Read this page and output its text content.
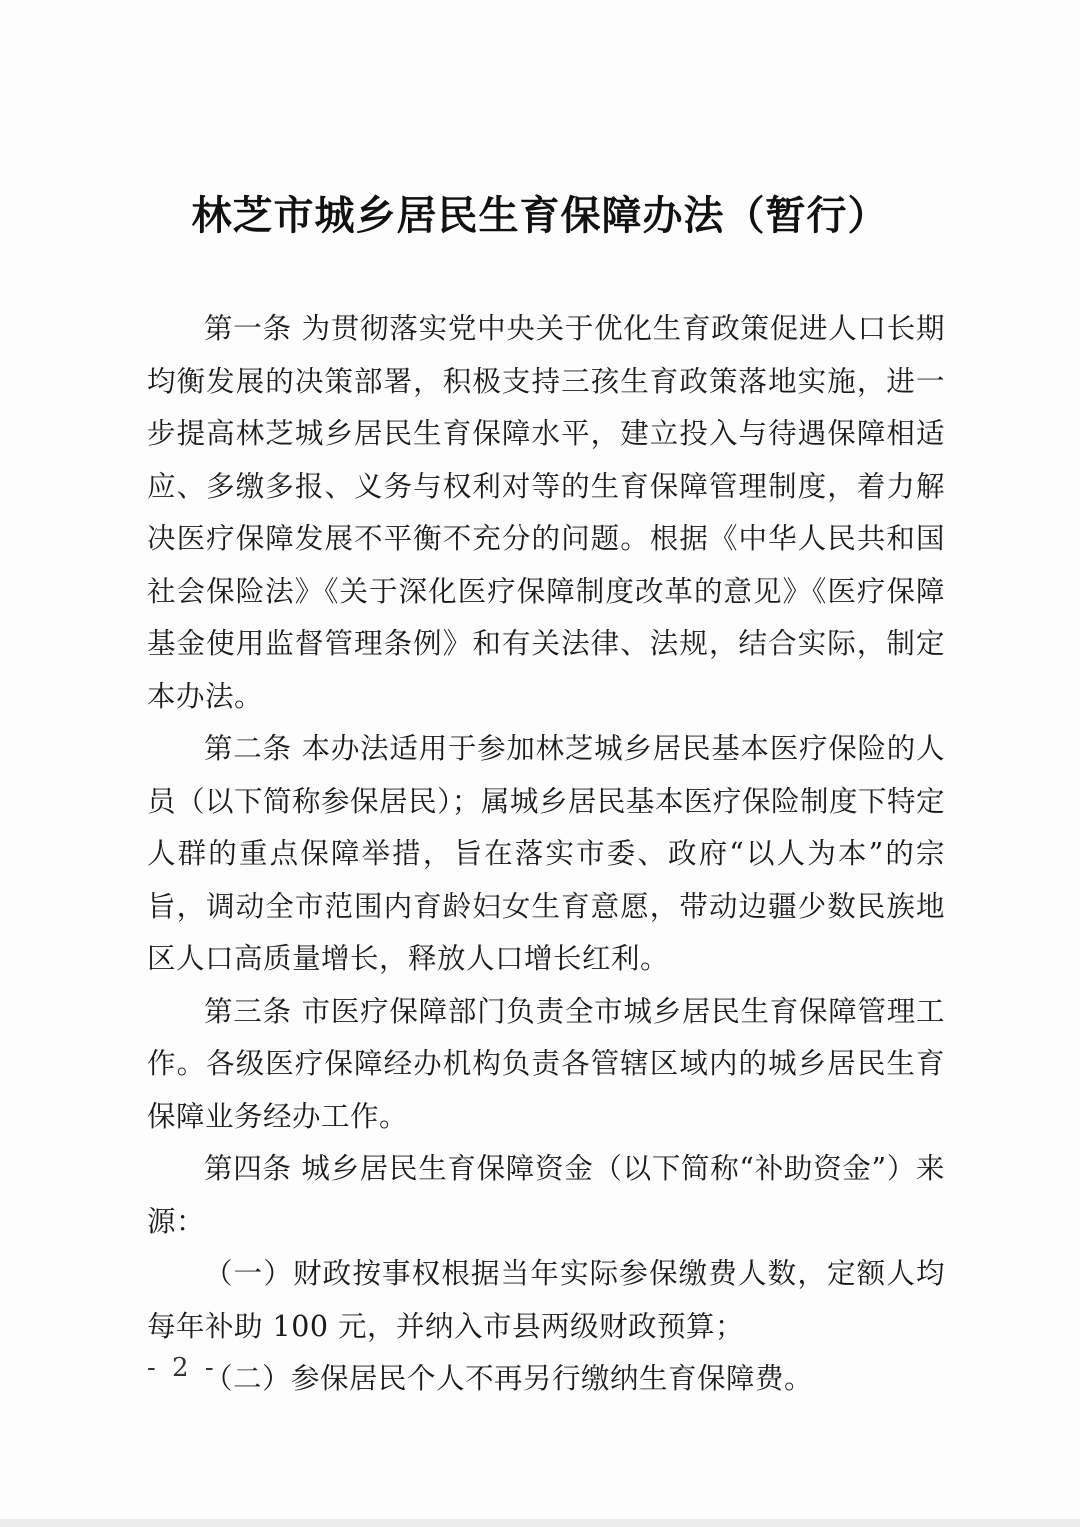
林芝市城乡居民生育保障办法（暂行）

第一条 为贯彻落实党中央关于优化生育政策促进人口长期均衡发展的决策部署，积极支持三孩生育政策落地实施，进一步提高林芝城乡居民生育保障水平，建立投入与待遇保障相适应、多缴多报、义务与权利对等的生育保障管理制度，着力解决医疗保障发展不平衡不充分的问题。根据《中华人民共和国社会保险法》《关于深化医疗保障制度改革的意见》《医疗保障基金使用监督管理条例》和有关法律、法规，结合实际，制定本办法。

第二条 本办法适用于参加林芝城乡居民基本医疗保险的人员（以下简称参保居民）；属城乡居民基本医疗保险制度下特定人群的重点保障举措，旨在落实市委、政府“以人为本”的宗旨，调动全市范围内育龄妇女生育意愿，带动边疆少数民族地区人口高质量增长，释放人口增长红利。

第三条 市医疗保障部门负责全市城乡居民生育保障管理工作。各级医疗保障经办机构负责各管辖区域内的城乡居民生育保障业务经办工作。

第四条 城乡居民生育保障资金（以下简称“补助资金”）来源：

（一）财政按事权根据当年实际参保缴费人数，定额人均每年补助 100 元，并纳入市县两级财政预算；

（二）参保居民个人不再另行缴纳生育保障费。

- 2 -
